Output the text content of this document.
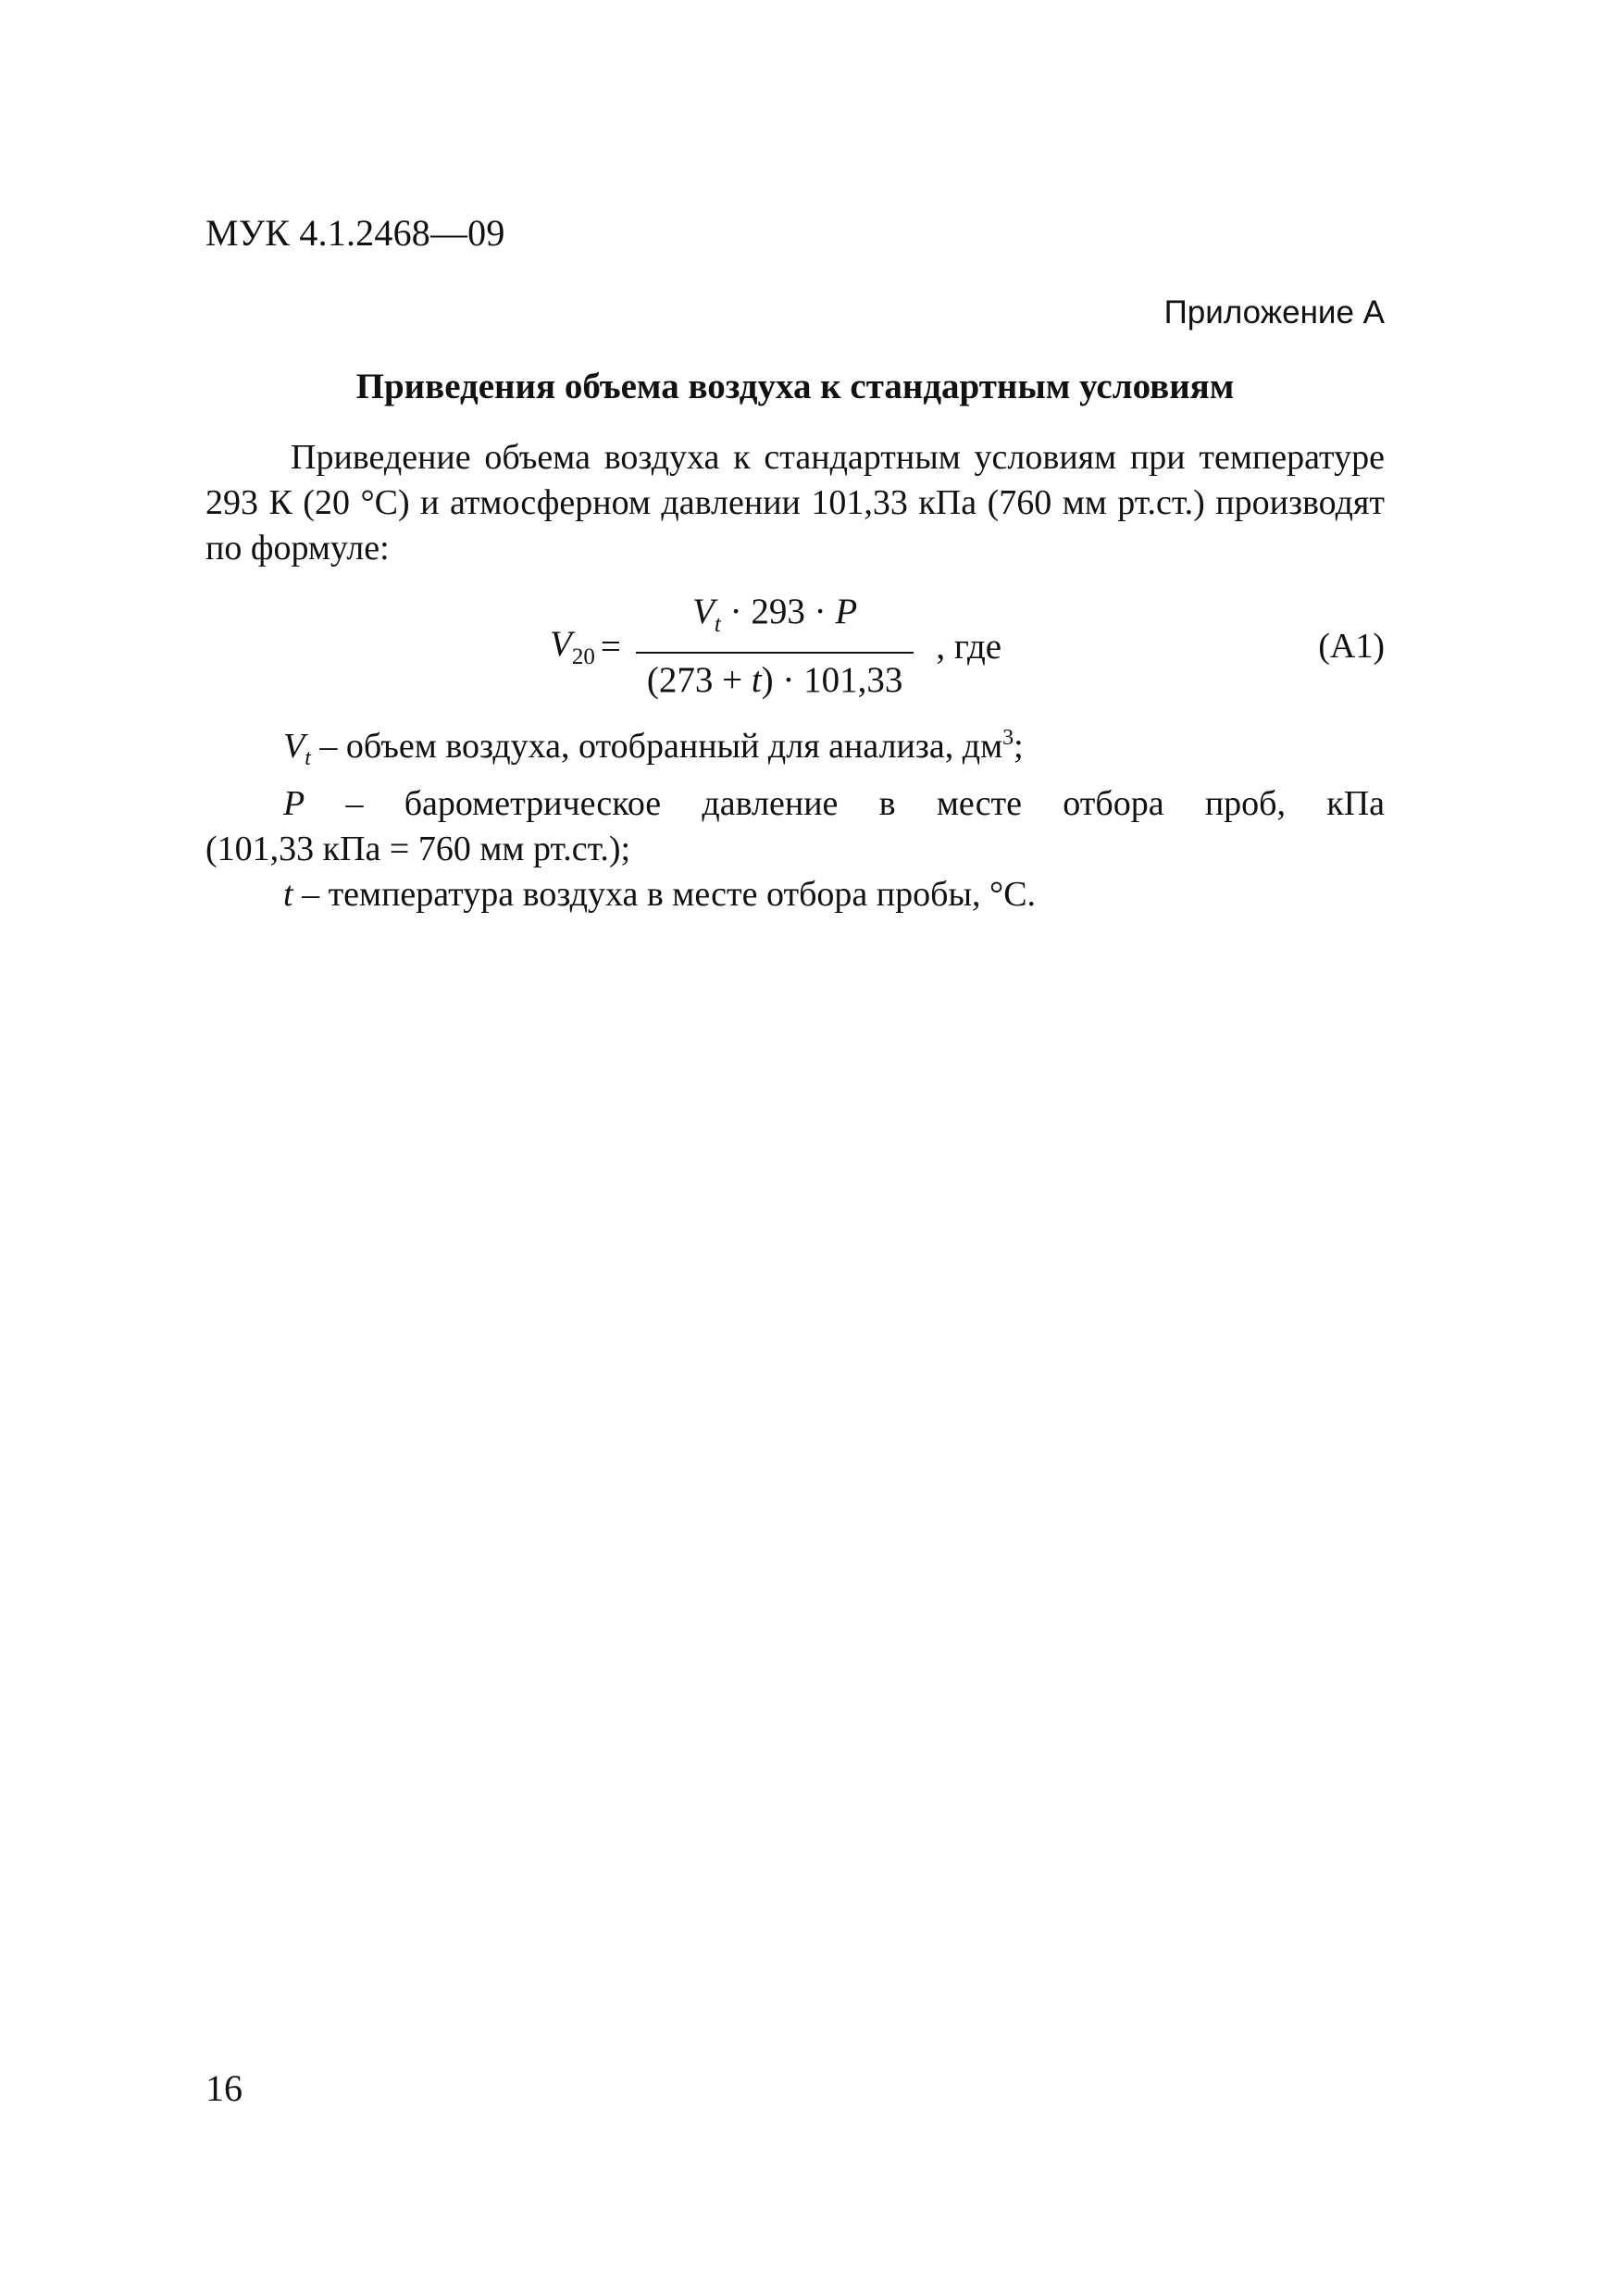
МУК 4.1.2468—09
Приложение А
Приведения объема воздуха к стандартным условиям
Приведение объема воздуха к стандартным условиям при температуре 293 К (20 °С) и атмосферном давлении 101,33 кПа (760 мм рт.ст.) производят по формуле:
$V_{20} = \frac{V_t \cdot 293 \cdot P}{(273 + t) \cdot 101,33}$ , где	(А1)
$V_t$ – объем воздуха, отобранный для анализа, $дм^3$;
P – барометрическое давление в месте отбора проб, кПа
(101,33 кПа = 760 мм рт.ст.);
t – температура воздуха в месте отбора пробы, °С.
16
